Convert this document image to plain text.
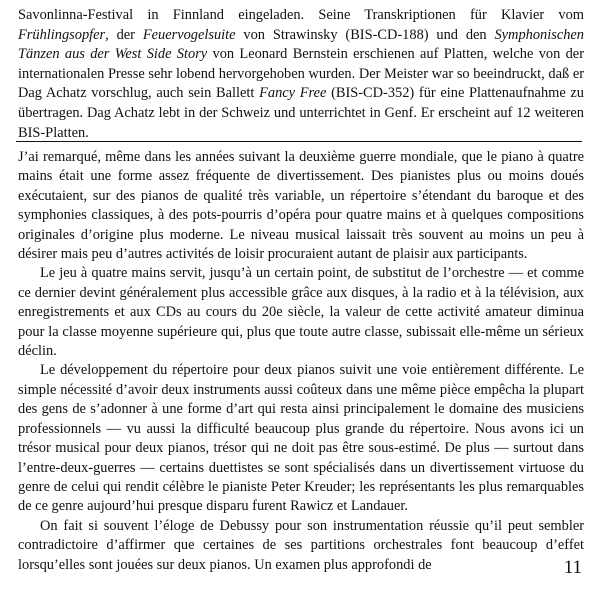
Savonlinna-Festival in Finnland eingeladen. Seine Transkriptionen für Klavier vom Frühlingsopfer, der Feuervogelsuite von Strawinsky (BIS-CD-188) und den Symphonischen Tänzen aus der West Side Story von Leonard Bernstein erschienen auf Platten, welche von der internationalen Presse sehr lobend hervorgehoben wurden. Der Meister war so beeindruckt, daß er Dag Achatz vorschlug, auch sein Ballett Fancy Free (BIS-CD-352) für eine Plattenaufnahme zu übertragen. Dag Achatz lebt in der Schweiz und unterrichtet in Genf. Er erscheint auf 12 weiteren BIS-Platten.

J’ai remarqué, même dans les années suivant la deuxième guerre mondiale, que le piano à quatre mains était une forme assez fréquente de divertissement. Des pianistes plus ou moins doués exécutaient, sur des pianos de qualité très variable, un répertoire s’étendant du baroque et des symphonies classiques, à des pots-pourris d’opéra pour quatre mains et à quelques compositions originales d’origine plus moderne. Le niveau musical laissait très souvent au moins un peu à désirer mais peu d’autres activités de loisir procuraient autant de plaisir aux participants.

Le jeu à quatre mains servit, jusqu’à un certain point, de substitut de l’orchestre — et comme ce dernier devint généralement plus accessible grâce aux disques, à la radio et à la télévision, aux enregistrements et aux CDs au cours du 20e siècle, la valeur de cette activité amateur diminua pour la classe moyenne supérieure qui, plus que toute autre classe, subissait elle-même un sérieux déclin.

Le développement du répertoire pour deux pianos suivit une voie entièrement différente. Le simple nécessité d’avoir deux instruments aussi coûteux dans une même pièce empêcha la plupart des gens de s’adonner à une forme d’art qui resta ainsi principalement le domaine des musiciens professionnels — vu aussi la difficulté beaucoup plus grande du répertoire. Nous avons ici un trésor musical pour deux pianos, trésor qui ne doit pas être sous-estimé. De plus — surtout dans l’entre-deux-guerres — certains duettistes se sont spécialisés dans un divertissement virtuose du genre de celui qui rendit célèbre le pianiste Peter Kreuder; les représentants les plus remarquables de ce genre aujourd’hui presque disparu furent Rawicz et Landauer.

On fait si souvent l’éloge de Debussy pour son instrumentation réussie qu’il peut sembler contradictoire d’affirmer que certaines de ses partitions orchestrales font beaucoup d’effet lorsqu’elles sont jouées sur deux pianos. Un examen plus approfondi de	11
